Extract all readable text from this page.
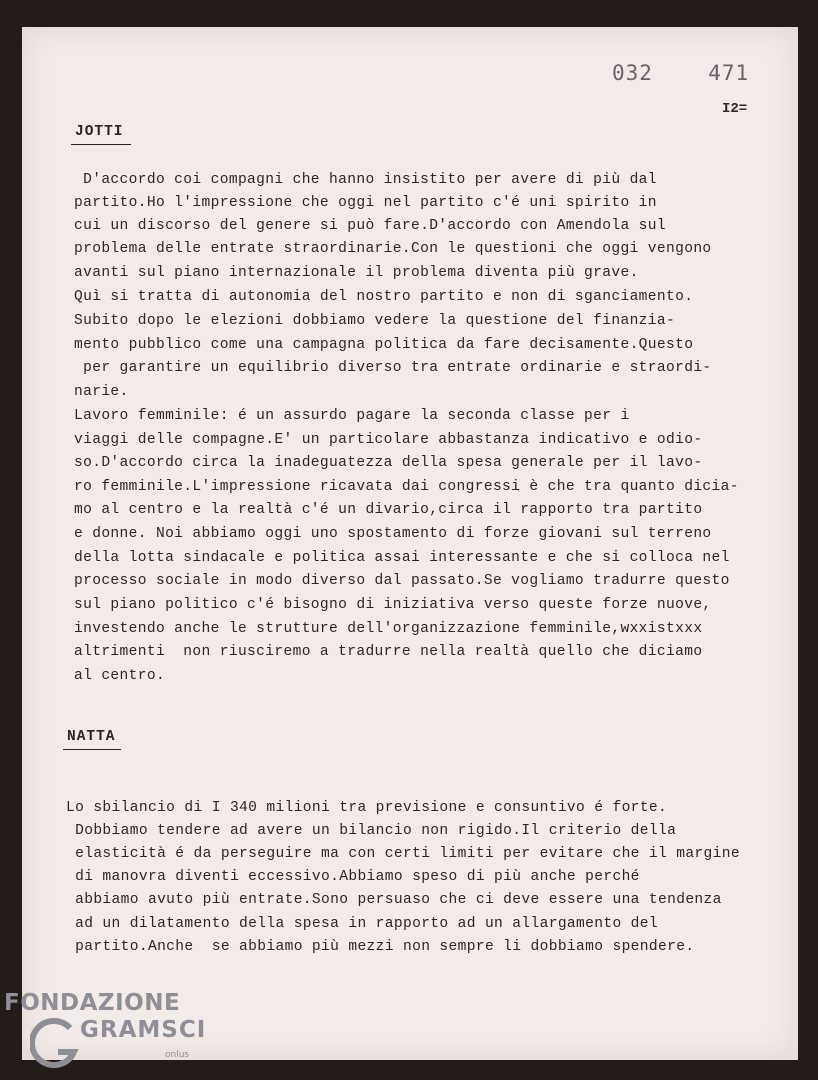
032  471
I2=
JOTTI
D'accordo coi compagni che hanno insistito per avere di più dal
partito.Ho l'impressione che oggi nel partito c'é uni spirito in
cui un discorso del genere si può fare.D'accordo con Amendola sul
problema delle entrate straordinarie.Con le questioni che oggi vengono
avanti sul piano internazionale il problema diventa più grave.
Quì si tratta di autonomia del nostro partito e non di sganciamento.
Subito dopo le elezioni dobbiamo vedere la questione del finanzia-
mento pubblico come una campagna politica da fare decisamente.Questo
per garantire un equilibrio diverso tra entrate ordinarie e straordi-
narie.
Lavoro femminile: é un assurdo pagare la seconda classe per i
viaggi delle compagne.E' un particolare abbastanza indicativo e odio-
so.D'accordo circa la inadeguatezza della spesa generale per il lavo-
ro femminile.L'impressione ricavata dai congressi è che tra quanto dicia-
mo al centro e la realtà c'é un divario,circa il rapporto tra partito
e donne. Noi abbiamo oggi uno spostamento di forze giovani sul terreno
della lotta sindacale e politica assai interessante e che si colloca nel
processo sociale in modo diverso dal passato.Se vogliamo tradurre questo
sul piano politico c'é bisogno di iniziativa verso queste forze nuove,
investendo anche le strutture dell'organizzazione femminile,wxxistxxx
altrimenti  non riusciremo a tradurre nella realtà quello che diciamo
al centro.
NATTA
Lo sbilancio di I 340 milioni tra previsione e consuntivo é forte.
Dobbiamo tendere ad avere un bilancio non rigido.Il criterio della
elasticità é da perseguire ma con certi limiti per evitare che il margine
di manovra diventi eccessivo.Abbiamo speso di più anche perché
abbiamo avuto più entrate.Sono persuaso che ci deve essere una tendenza
ad un dilatamento della spesa in rapporto ad un allargamento del
partito.Anche  se abbiamo più mezzi non sempre li dobbiamo spendere.
FONDAZIONE
GRAMSCI
onlus
